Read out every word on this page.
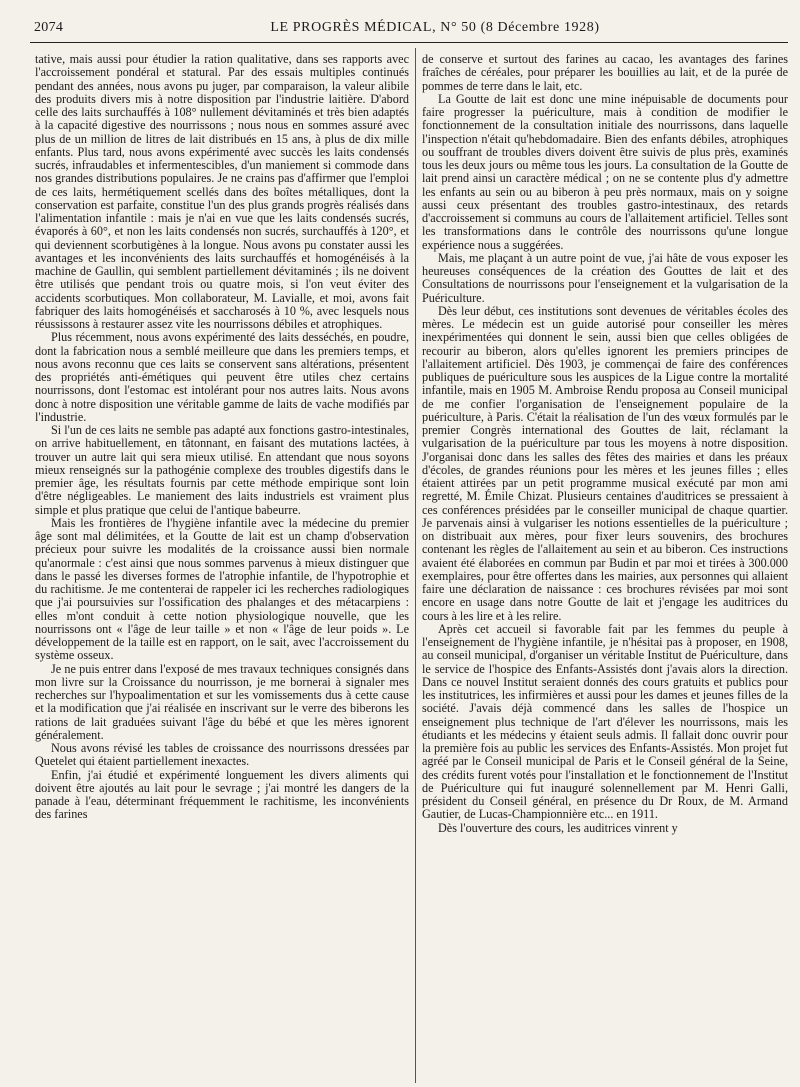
2074	LE PROGRÈS MÉDICAL, N° 50 (8 Décembre 1928)

tative, mais aussi pour étudier la ration qualitative, dans ses rapports avec l'accroissement pondéral et statural. Par des essais multiples continués pendant des années, nous avons pu juger, par comparaison, la valeur alibile des produits divers mis à notre disposition par l'industrie laitière. D'abord celle des laits surchauffés à 108° nullement dévitaminés et très bien adaptés à la capacité digestive des nourrissons ; nous nous en sommes assuré avec plus de un million de litres de lait distribués en 15 ans, à plus de dix mille enfants. Plus tard, nous avons expérimenté avec succès les laits condensés sucrés, infraudables et infermentescibles, d'un maniement si commode dans nos grandes distributions populaires. Je ne crains pas d'affirmer que l'emploi de ces laits, hermétiquement scellés dans des boîtes métalliques, dont la conservation est parfaite, constitue l'un des plus grands progrès réalisés dans l'alimentation infantile : mais je n'ai en vue que les laits condensés sucrés, évaporés à 60°, et non les laits condensés non sucrés, surchauffés à 120°, et qui deviennent scorbutigènes à la longue. Nous avons pu constater aussi les avantages et les inconvénients des laits surchauffés et homogénéisés à la machine de Gaullin, qui semblent partiellement dévitaminés ; ils ne doivent être utilisés que pendant trois ou quatre mois, si l'on veut éviter des accidents scorbutiques. Mon collaborateur, M. Lavialle, et moi, avons fait fabriquer des laits homogénéisés et saccharosés à 10 %, avec lesquels nous réussissons à restaurer assez vite les nourrissons débiles et atrophiques.

Plus récemment, nous avons expérimenté des laits desséchés, en poudre, dont la fabrication nous a semblé meilleure que dans les premiers temps, et nous avons reconnu que ces laits se conservent sans altérations, présentent des propriétés anti-émétiques qui peuvent être utiles chez certains nourrissons, dont l'estomac est intolérant pour nos autres laits. Nous avons donc à notre disposition une véritable gamme de laits de vache modifiés par l'industrie.

Si l'un de ces laits ne semble pas adapté aux fonctions gastro-intestinales, on arrive habituellement, en tâtonnant, en faisant des mutations lactées, à trouver un autre lait qui sera mieux utilisé. En attendant que nous soyons mieux renseignés sur la pathogénie complexe des troubles digestifs dans le premier âge, les résultats fournis par cette méthode empirique sont loin d'être négligeables. Le maniement des laits industriels est vraiment plus simple et plus pratique que celui de l'antique babeurre.

Mais les frontières de l'hygiène infantile avec la médecine du premier âge sont mal délimitées, et la Goutte de lait est un champ d'observation précieux pour suivre les modalités de la croissance aussi bien normale qu'anormale : c'est ainsi que nous sommes parvenus à mieux distinguer que dans le passé les diverses formes de l'atrophie infantile, de l'hypotrophie et du rachitisme. Je me contenterai de rappeler ici les recherches radiologiques que j'ai poursuivies sur l'ossification des phalanges et des métacarpiens : elles m'ont conduit à cette notion physiologique nouvelle, que les nourrissons ont « l'âge de leur taille » et non « l'âge de leur poids ». Le développement de la taille est en rapport, on le sait, avec l'accroissement du système osseux.

Je ne puis entrer dans l'exposé de mes travaux techniques consignés dans mon livre sur la Croissance du nourrisson, je me bornerai à signaler mes recherches sur l'hypoalimentation et sur les vomissements dus à cette cause et la modification que j'ai réalisée en inscrivant sur le verre des biberons les rations de lait graduées suivant l'âge du bébé et que les mères ignorent généralement.

Nous avons révisé les tables de croissance des nourrissons dressées par Quetelet qui étaient partiellement inexactes.

Enfin, j'ai étudié et expérimenté longuement les divers aliments qui doivent être ajoutés au lait pour le sevrage ; j'ai montré les dangers de la panade à l'eau, déterminant fréquemment le rachitisme, les inconvénients des farines

de conserve et surtout des farines au cacao, les avantages des farines fraîches de céréales, pour préparer les bouillies au lait, et de la purée de pommes de terre dans le lait, etc.

La Goutte de lait est donc une mine inépuisable de documents pour faire progresser la puériculture, mais à condition de modifier le fonctionnement de la consultation initiale des nourrissons, dans laquelle l'inspection n'était qu'hebdomadaire. Bien des enfants débiles, atrophiques ou souffrant de troubles divers doivent être suivis de plus près, examinés tous les deux jours ou même tous les jours. La consultation de la Goutte de lait prend ainsi un caractère médical ; on ne se contente plus d'y admettre les enfants au sein ou au biberon à peu près normaux, mais on y soigne aussi ceux présentant des troubles gastro-intestinaux, des retards d'accroissement si communs au cours de l'allaitement artificiel. Telles sont les transformations dans le contrôle des nourrissons qu'une longue expérience nous a suggérées.

Mais, me plaçant à un autre point de vue, j'ai hâte de vous exposer les heureuses conséquences de la création des Gouttes de lait et des Consultations de nourrissons pour l'enseignement et la vulgarisation de la Puériculture.

Dès leur début, ces institutions sont devenues de véritables écoles des mères. Le médecin est un guide autorisé pour conseiller les mères inexpérimentées qui donnent le sein, aussi bien que celles obligées de recourir au biberon, alors qu'elles ignorent les premiers principes de l'allaitement artificiel. Dès 1903, je commençai de faire des conférences publiques de puériculture sous les auspices de la Ligue contre la mortalité infantile, mais en 1905 M. Ambroise Rendu proposa au Conseil municipal de me confier l'organisation de l'enseignement populaire de la puériculture, à Paris. C'était la réalisation de l'un des vœux formulés par le premier Congrès international des Gouttes de lait, réclamant la vulgarisation de la puériculture par tous les moyens à notre disposition. J'organisai donc dans les salles des fêtes des mairies et dans les préaux d'écoles, de grandes réunions pour les mères et les jeunes filles ; elles étaient attirées par un petit programme musical exécuté par mon ami regretté, M. Émile Chizat. Plusieurs centaines d'auditrices se pressaient à ces conférences présidées par le conseiller municipal de chaque quartier. Je parvenais ainsi à vulgariser les notions essentielles de la puériculture ; on distribuait aux mères, pour fixer leurs souvenirs, des brochures contenant les règles de l'allaitement au sein et au biberon. Ces instructions avaient été élaborées en commun par Budin et par moi et tirées à 300.000 exemplaires, pour être offertes dans les mairies, aux personnes qui allaient faire une déclaration de naissance : ces brochures révisées par moi sont encore en usage dans notre Goutte de lait et j'engage les auditrices du cours à les lire et à les relire.

Après cet accueil si favorable fait par les femmes du peuple à l'enseignement de l'hygiène infantile, je n'hésitai pas à proposer, en 1908, au conseil municipal, d'organiser un véritable Institut de Puériculture, dans le service de l'hospice des Enfants-Assistés dont j'avais alors la direction. Dans ce nouvel Institut seraient donnés des cours gratuits et publics pour les institutrices, les infirmières et aussi pour les dames et jeunes filles de la société. J'avais déjà commencé dans les salles de l'hospice un enseignement plus technique de l'art d'élever les nourrissons, mais les étudiants et les médecins y étaient seuls admis. Il fallait donc ouvrir pour la première fois au public les services des Enfants-Assistés. Mon projet fut agréé par le Conseil municipal de Paris et le Conseil général de la Seine, des crédits furent votés pour l'installation et le fonctionnement de l'Institut de Puériculture qui fut inauguré solennellement par M. Henri Galli, président du Conseil général, en présence du Dr Roux, de M. Armand Gautier, de Lucas-Championnière etc... en 1911.

Dès l'ouverture des cours, les auditrices vinrent y
